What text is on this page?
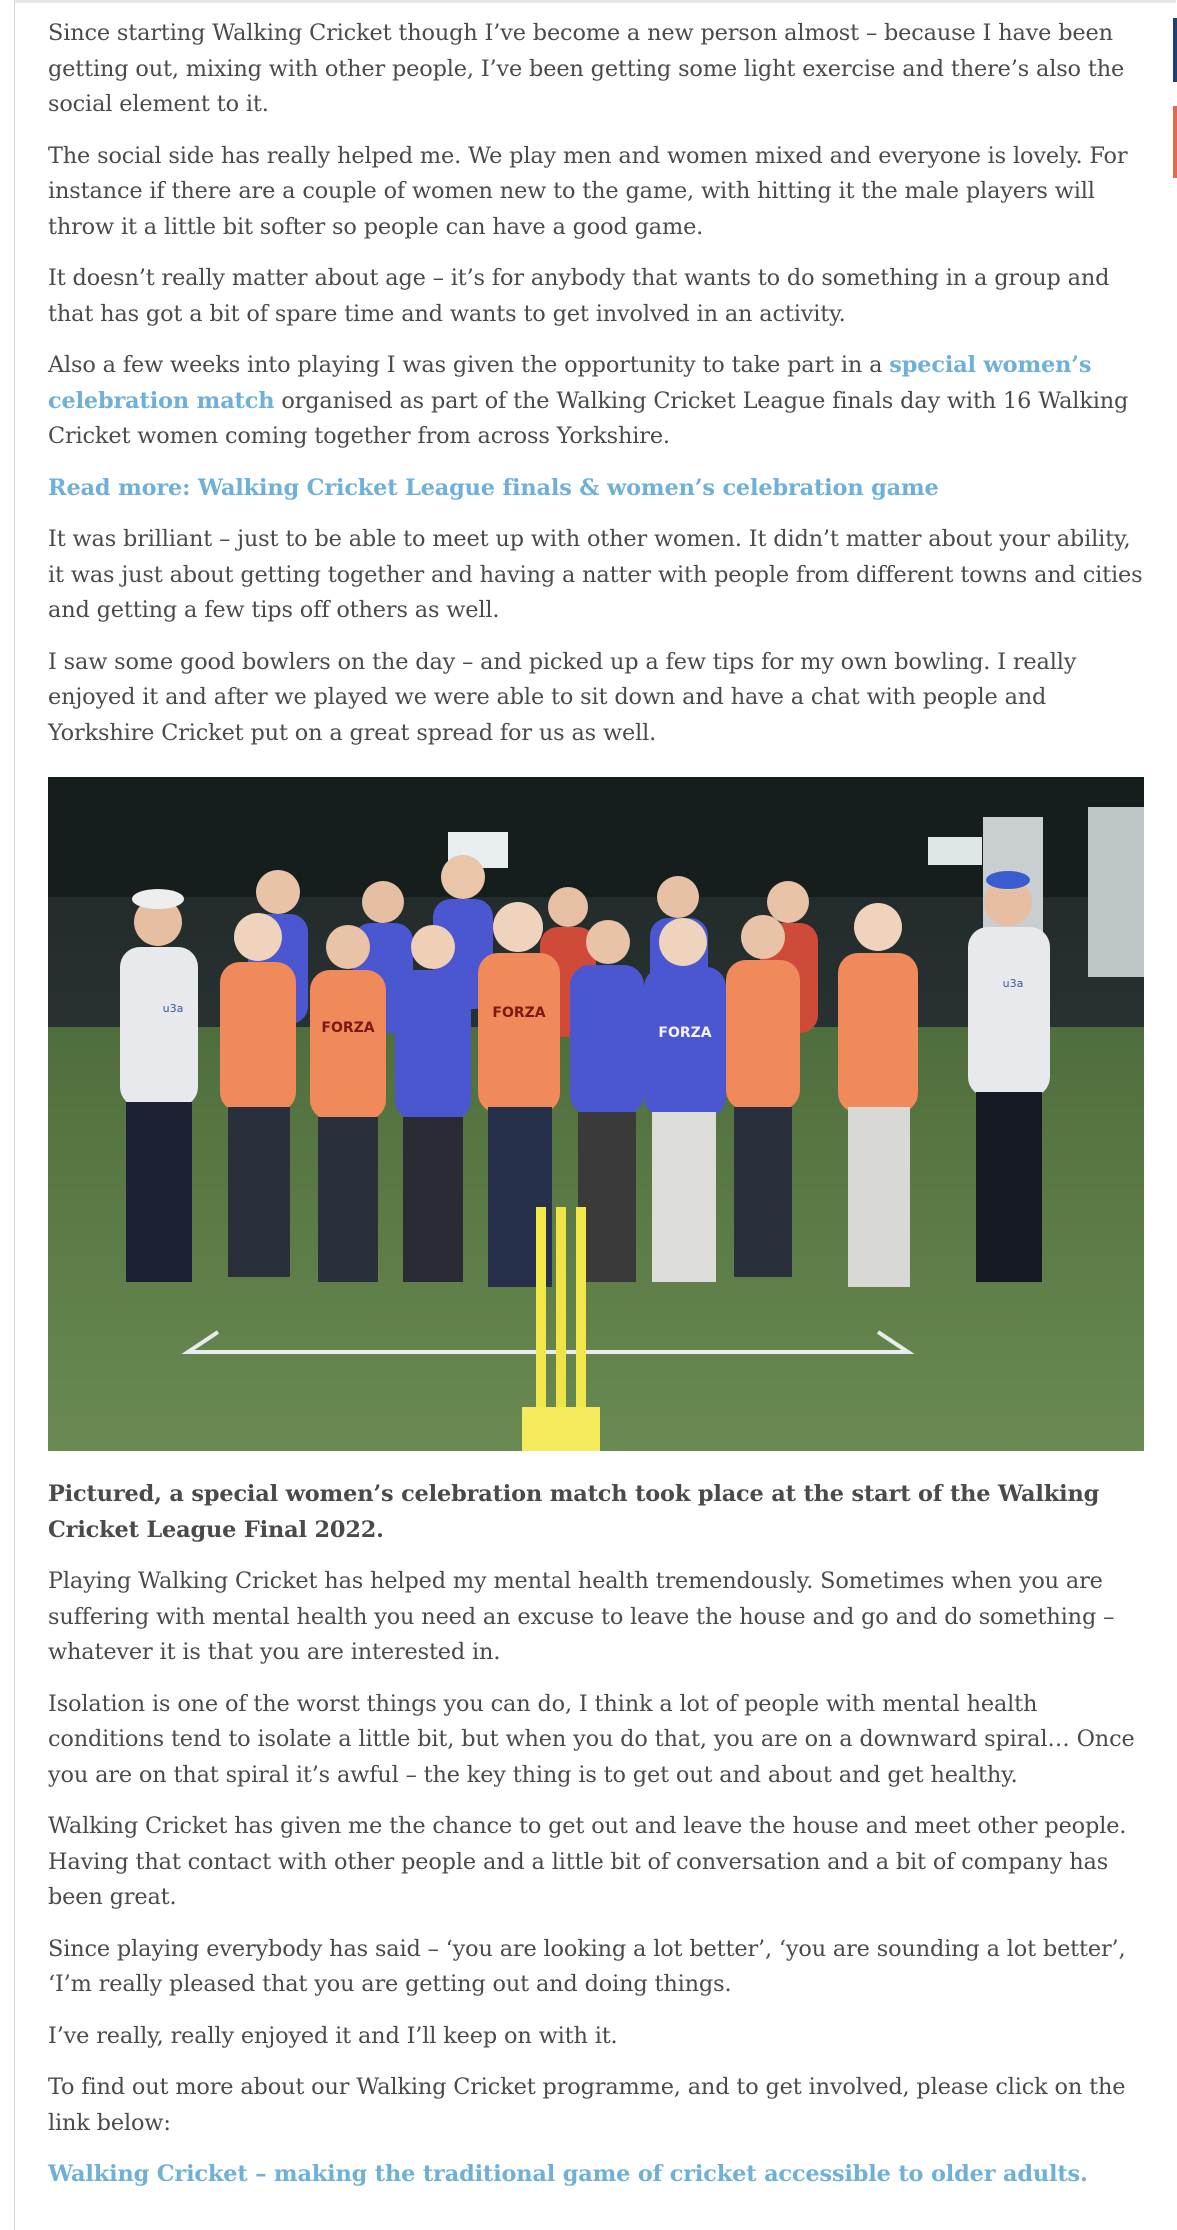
Since starting Walking Cricket though I’ve become a new person almost – because I have been getting out, mixing with other people, I’ve been getting some light exercise and there’s also the social element to it.

The social side has really helped me. We play men and women mixed and everyone is lovely. For instance if there are a couple of women new to the game, with hitting it the male players will throw it a little bit softer so people can have a good game.

It doesn’t really matter about age – it’s for anybody that wants to do something in a group and that has got a bit of spare time and wants to get involved in an activity.

Also a few weeks into playing I was given the opportunity to take part in a special women’s celebration match organised as part of the Walking Cricket League finals day with 16 Walking Cricket women coming together from across Yorkshire.

Read more: Walking Cricket League finals & women’s celebration game

It was brilliant – just to be able to meet up with other women. It didn’t matter about your ability, it was just about getting together and having a natter with people from different towns and cities and getting a few tips off others as well.

I saw some good bowlers on the day – and picked up a few tips for my own bowling. I really enjoyed it and after we played we were able to sit down and have a chat with people and Yorkshire Cricket put on a great spread for us as well.

FORZA
FORZA
FORZA
u3a
u3a

Pictured, a special women’s celebration match took place at the start of the Walking Cricket League Final 2022.

Playing Walking Cricket has helped my mental health tremendously. Sometimes when you are suffering with mental health you need an excuse to leave the house and go and do something – whatever it is that you are interested in.

Isolation is one of the worst things you can do, I think a lot of people with mental health conditions tend to isolate a little bit, but when you do that, you are on a downward spiral… Once you are on that spiral it’s awful – the key thing is to get out and about and get healthy.

Walking Cricket has given me the chance to get out and leave the house and meet other people. Having that contact with other people and a little bit of conversation and a bit of company has been great.

Since playing everybody has said – ‘you are looking a lot better’, ‘you are sounding a lot better’, ‘I’m really pleased that you are getting out and doing things.

I’ve really, really enjoyed it and I’ll keep on with it.

To find out more about our Walking Cricket programme, and to get involved, please click on the link below:

Walking Cricket – making the traditional game of cricket accessible to older adults.
